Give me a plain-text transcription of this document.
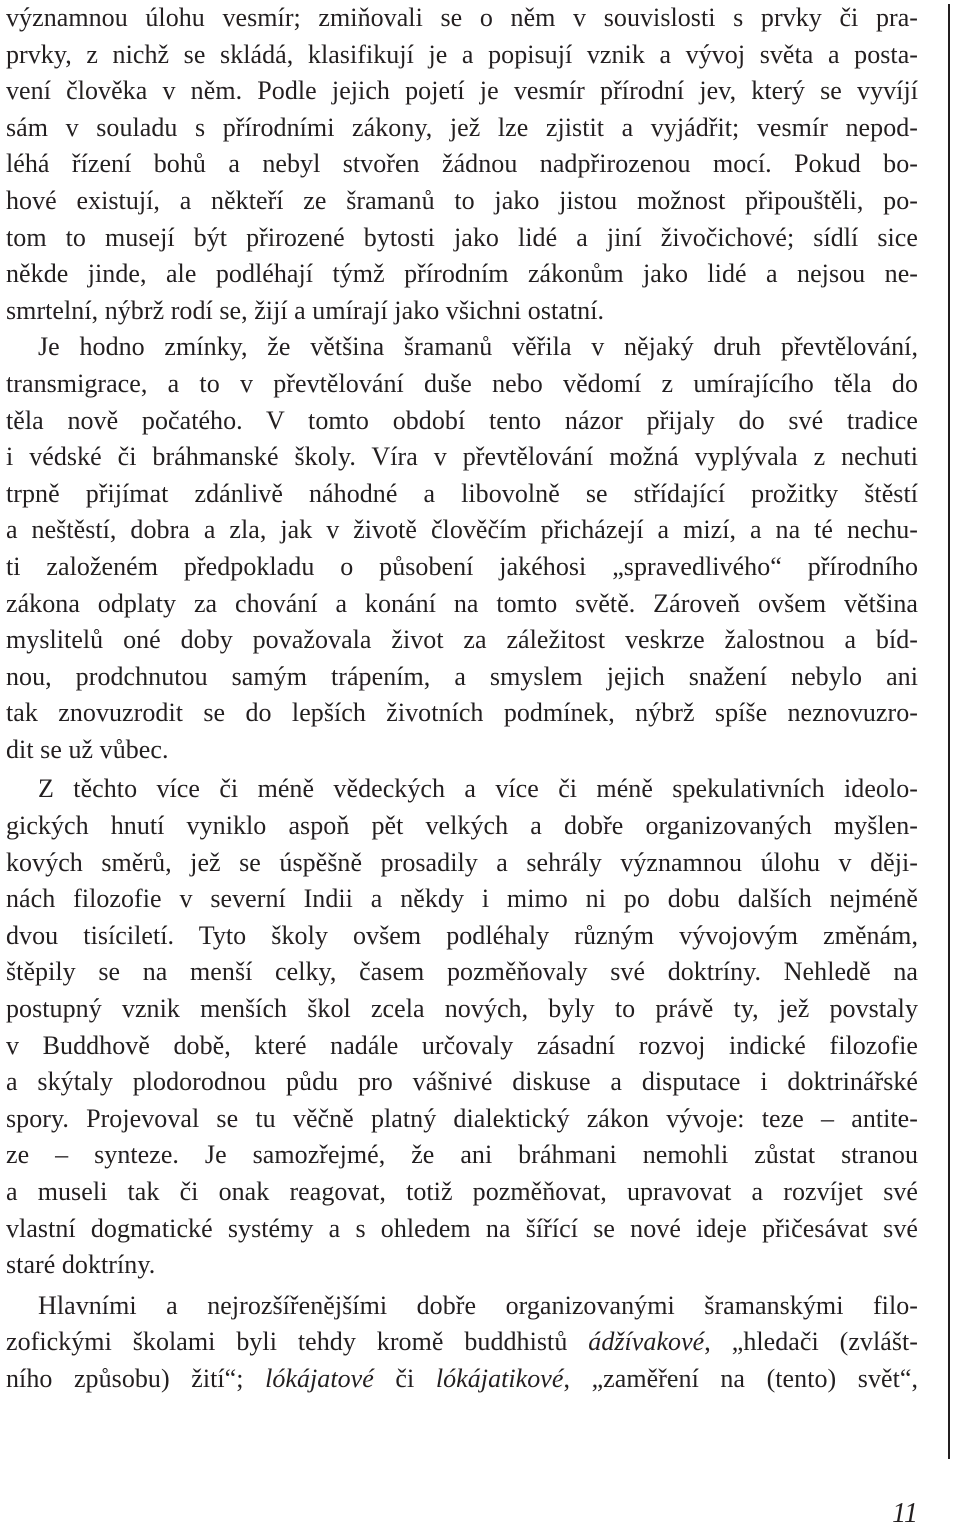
významnou úlohu vesmír; zmiňovali se o něm v souvislosti s prvky či pra-
prvky, z nichž se skládá, klasifikují je a popisují vznik a vývoj světa a posta-
vení člověka v něm. Podle jejich pojetí je vesmír přírodní jev, který se vyvíjí
sám v souladu s přírodními zákony, jež lze zjistit a vyjádřit; vesmír nepod-
léhá řízení bohů a nebyl stvořen žádnou nadpřirozenou mocí. Pokud bo-
hové existují, a někteří ze šramanů to jako jistou možnost připouštěli, po-
tom to musejí být přirozené bytosti jako lidé a jiní živočichové; sídlí sice
někde jinde, ale podléhají týmž přírodním zákonům jako lidé a nejsou ne-
smrtelní, nýbrž rodí se, žijí a umírají jako všichni ostatní.
Je hodno zmínky, že většina šramanů věřila v nějaký druh převtělování,
transmigrace, a to v převtělování duše nebo vědomí z umírajícího těla do
těla nově počatého. V tomto období tento názor přijaly do své tradice
i védské či bráhmanské školy. Víra v převtělování možná vyplývala z nechuti
trpně přijímat zdánlivě náhodné a libovolně se střídající prožitky štěstí
a neštěstí, dobra a zla, jak v životě člověčím přicházejí a mizí, a na té nechu-
ti založeném předpokladu o působení jakéhosi „spravedlivého“ přírodního
zákona odplaty za chování a konání na tomto světě. Zároveň ovšem většina
myslitelů oné doby považovala život za záležitost veskrze žalostnou a bíd-
nou, prodchnutou samým trápením, a smyslem jejich snažení nebylo ani
tak znovuzrodit se do lepších životních podmínek, nýbrž spíše neznovuzro-
dit se už vůbec.
Z těchto více či méně vědeckých a více či méně spekulativních ideolo-
gických hnutí vyniklo aspoň pět velkých a dobře organizovaných myšlen-
kových směrů, jež se úspěšně prosadily a sehrály významnou úlohu v ději-
nách filozofie v severní Indii a někdy i mimo ni po dobu dalších nejméně
dvou tisíciletí. Tyto školy ovšem podléhaly různým vývojovým změnám,
štěpily se na menší celky, časem pozměňovaly své doktríny. Nehledě na
postupný vznik menších škol zcela nových, byly to právě ty, jež povstaly
v Buddhově době, které nadále určovaly zásadní rozvoj indické filozofie
a skýtaly plodorodnou půdu pro vášnivé diskuse a disputace i doktrinářské
spory. Projevoval se tu věčně platný dialektický zákon vývoje: teze – antite-
ze – synteze. Je samozřejmé, že ani bráhmani nemohli zůstat stranou
a museli tak či onak reagovat, totiž pozměňovat, upravovat a rozvíjet své
vlastní dogmatické systémy a s ohledem na šířící se nové ideje přičesávat své
staré doktríny.
Hlavními a nejrozšířenějšími dobře organizovanými šramanskými filo-
zofickými školami byli tehdy kromě buddhistů ádžívakové, „hledači (zvlášt-
ního způsobu) žití“; lókájatové či lókájatikové, „zaměření na (tento) svět“,
11
